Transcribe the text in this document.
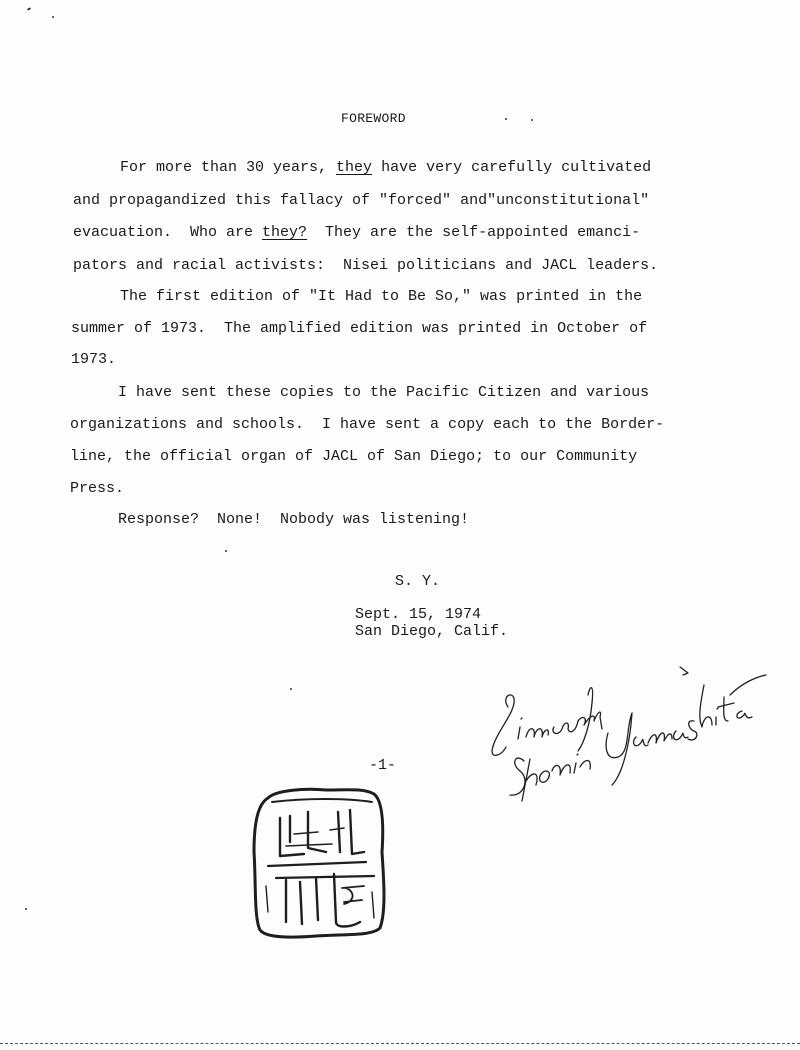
FOREWORD
For more than 30 years, they have very carefully cultivated
and propagandized this fallacy of "forced" and"unconstitutional"
evacuation.  Who are they?  They are the self-appointed emanci-
pators and racial activists:  Nisei politicians and JACL leaders.
The first edition of "It Had to Be So," was printed in the
summer of 1973.  The amplified edition was printed in October of
1973.
I have sent these copies to the Pacific Citizen and various
organizations and schools.  I have sent a copy each to the Border-
line, the official organ of JACL of San Diego; to our Community
Press.
Response?  None!  Nobody was listening!
S. Y.
Sept. 15, 1974
San Diego, Calif.
-1-
